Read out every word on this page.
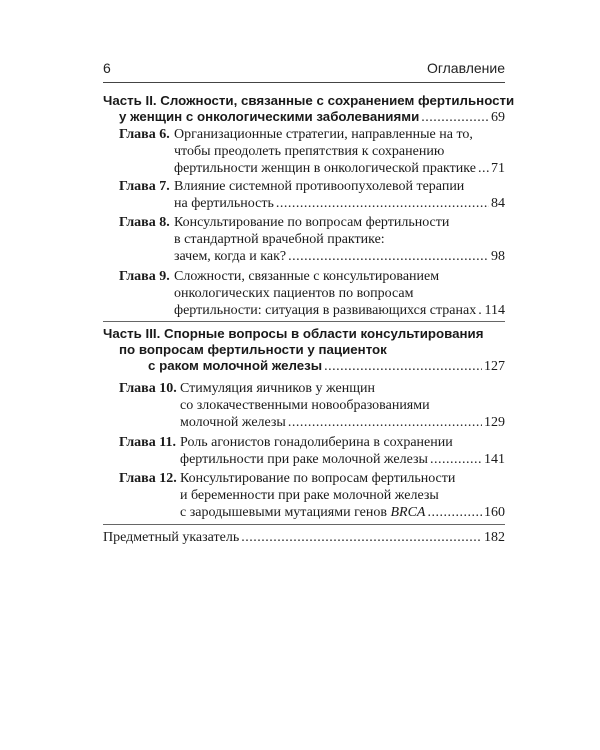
6	Оглавление
Часть II. Сложности, связанные с сохранением фертильности
у женщин с онкологическими заболеваниями .....	69
Глава 6. Организационные стратегии, направленные на то,
чтобы преодолеть препятствия к сохранению
фертильности женщин в онкологической практике ..... 71
Глава 7. Влияние системной противоопухолевой терапии
на фертильность .....	84
Глава 8. Консультирование по вопросам фертильности
в стандартной врачебной практике:
зачем, когда и как? .....	98
Глава 9. Сложности, связанные с консультированием
онкологических пациентов по вопросам
фертильности: ситуация в развивающихся странах ..... 114
Часть III. Спорные вопросы в области консультирования
по вопросам фертильности у пациенток
с раком молочной железы .....	127
Глава 10. Стимуляция яичников у женщин
со злокачественными новообразованиями
молочной железы .....	129
Глава 11. Роль агонистов гонадолиберина в сохранении
фертильности при раке молочной железы .....	141
Глава 12. Консультирование по вопросам фертильности
и беременности при раке молочной железы
с зародышевыми мутациями генов BRCA .....	160
Предметный указатель .....	182
